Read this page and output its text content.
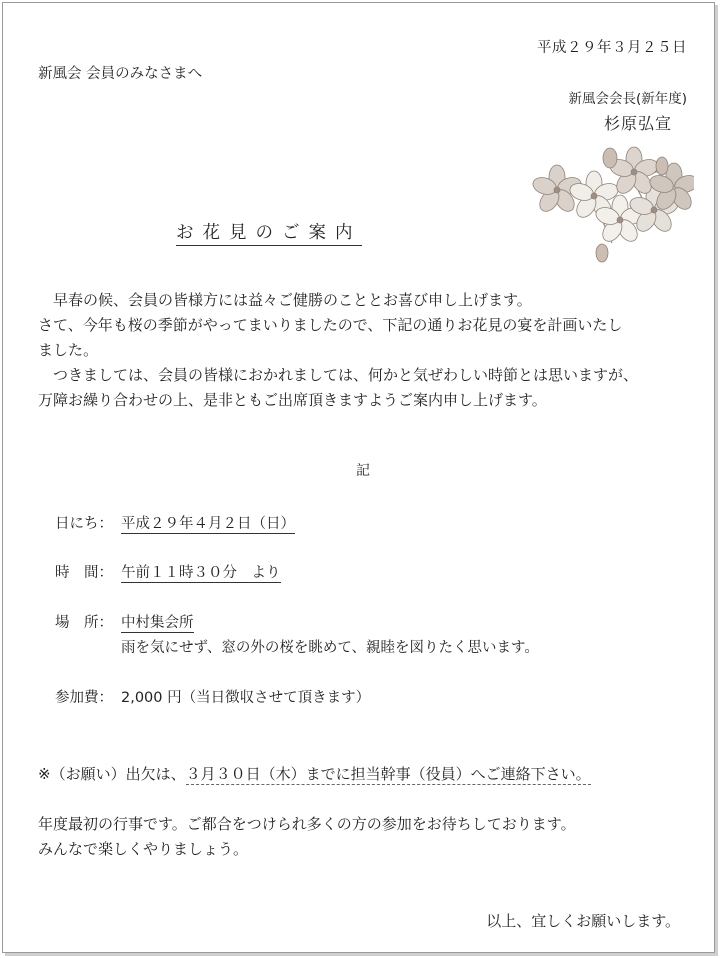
平成２９年３月２５日
新風会 会員のみなさまへ
新風会会長(新年度)
杉原弘宣
お花見のご案内
　早春の候、会員の皆様方には益々ご健勝のこととお喜び申し上げます。
さて、今年も桜の季節がやってまいりましたので、下記の通りお花見の宴を計画いたし
ました。
　つきましては、会員の皆様におかれましては、何かと気ぜわしい時節とは思いますが、
万障お繰り合わせの上、是非ともご出席頂きますようご案内申し上げます。
記
日にち： 平成２９年４月２日（日）
時　間： 午前１１時３０分　より
場　所： 中村集会所
雨を気にせず、窓の外の桜を眺めて、親睦を図りたく思います。
参加費： 2,000 円（当日徴収させて頂きます）
※（お願い）出欠は、３月３０日（木）までに担当幹事（役員）へご連絡下さい。
年度最初の行事です。ご都合をつけられ多くの方の参加をお待ちしております。
みんなで楽しくやりましょう。
以上、宜しくお願いします。
